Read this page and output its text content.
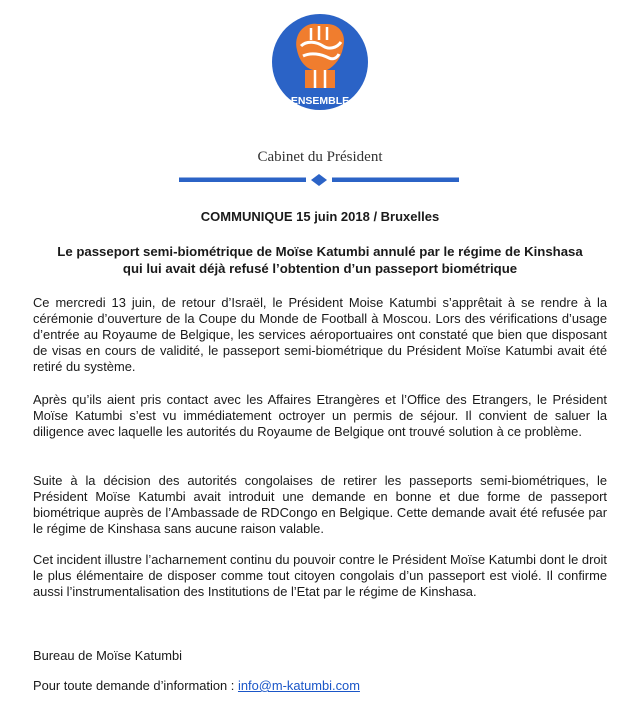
ENSEMBLE
Cabinet du Président
COMMUNIQUE 15 juin 2018 / Bruxelles
Le passeport semi-biométrique de Moïse Katumbi annulé par le régime de Kinshasa
qui lui avait déjà refusé l’obtention d’un passeport biométrique

Ce mercredi 13 juin, de retour d’Israël, le Président Moise Katumbi s’apprêtait à se rendre à la cérémonie d’ouverture de la Coupe du Monde de Football à Moscou. Lors des vérifications d’usage d’entrée au Royaume de Belgique, les services aéroportuaires ont constaté que bien que disposant de visas en cours de validité, le passeport semi-biométrique du Président Moïse Katumbi avait été retiré du système.

Après qu’ils aient pris contact avec les Affaires Etrangères et l’Office des Etrangers, le Président Moïse Katumbi s’est vu immédiatement octroyer un permis de séjour. Il convient de saluer la diligence avec laquelle les autorités du Royaume de Belgique ont trouvé solution à ce problème.

Suite à la décision des autorités congolaises de retirer les passeports semi-biométriques, le Président Moïse Katumbi avait introduit une demande en bonne et due forme de passeport biométrique auprès de l’Ambassade de RDCongo en Belgique. Cette demande avait été refusée par le régime de Kinshasa sans aucune raison valable.

Cet incident illustre l’acharnement continu du pouvoir contre le Président Moïse Katumbi dont le droit le plus élémentaire de disposer comme tout citoyen congolais d’un passeport est violé. Il confirme aussi l’instrumentalisation des Institutions de l’Etat par le régime de Kinshasa.

Bureau de Moïse Katumbi
Pour toute demande d’information : info@m-katumbi.com
